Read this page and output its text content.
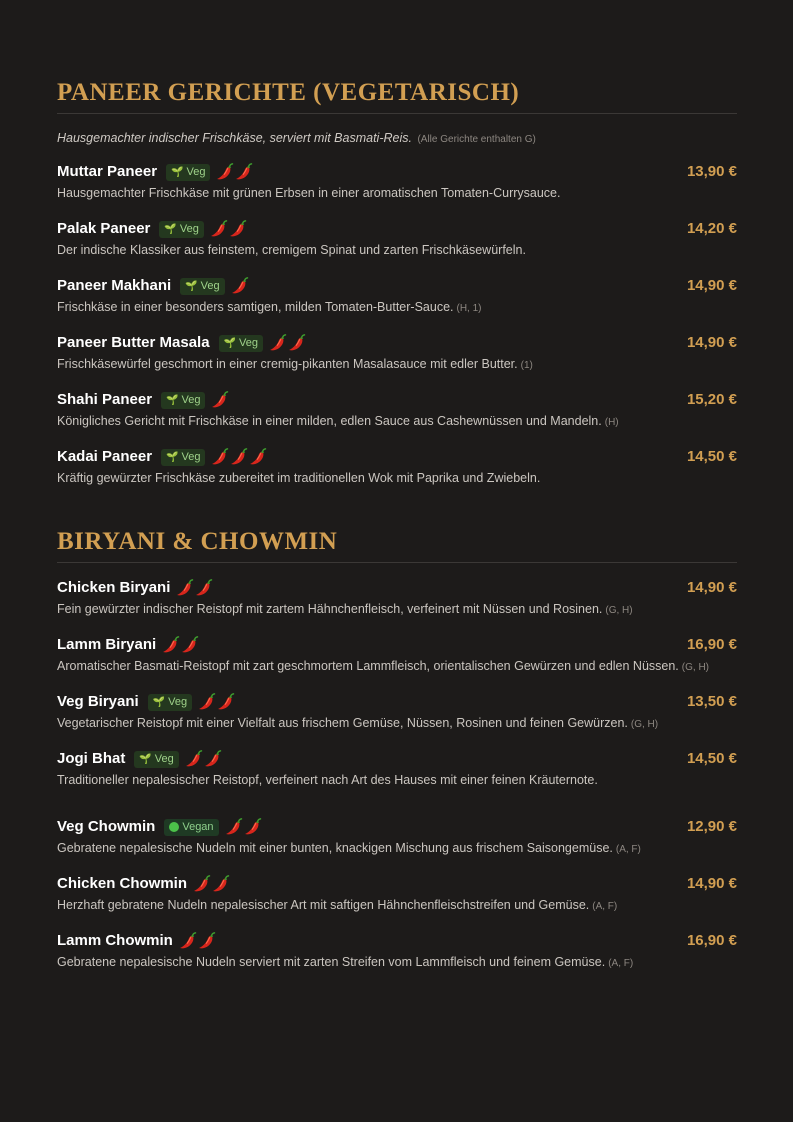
PANEER GERICHTE (VEGETARISCH)
Hausgemachter indischer Frischkäse, serviert mit Basmati-Reis. (Alle Gerichte enthalten G)
Muttar Paneer 🌱 Veg	13,90 €
Hausgemachter Frischkäse mit grünen Erbsen in einer aromatischen Tomaten-Currysauce.
Palak Paneer 🌱 Veg	14,20 €
Der indische Klassiker aus feinstem, cremigem Spinat und zarten Frischkäsewürfeln.
Paneer Makhani 🌱 Veg	14,90 €
Frischkäse in einer besonders samtigen, milden Tomaten-Butter-Sauce. (H, 1)
Paneer Butter Masala 🌱 Veg	14,90 €
Frischkäsewürfel geschmort in einer cremig-pikanten Masalasauce mit edler Butter. (1)
Shahi Paneer 🌱 Veg	15,20 €
Königliches Gericht mit Frischkäse in einer milden, edlen Sauce aus Cashewnüssen und Mandeln. (H)
Kadai Paneer 🌱 Veg	14,50 €
Kräftig gewürzter Frischkäse zubereitet im traditionellen Wok mit Paprika und Zwiebeln.
BIRYANI & CHOWMIN
Chicken Biryani	14,90 €
Fein gewürzter indischer Reistopf mit zartem Hähnchenfleisch, verfeinert mit Nüssen und Rosinen. (G, H)
Lamm Biryani	16,90 €
Aromatischer Basmati-Reistopf mit zart geschmortem Lammfleisch, orientalischen Gewürzen und edlen Nüssen. (G, H)
Veg Biryani 🌱 Veg	13,50 €
Vegetarischer Reistopf mit einer Vielfalt aus frischem Gemüse, Nüssen, Rosinen und feinen Gewürzen. (G, H)
Jogi Bhat 🌱 Veg	14,50 €
Traditioneller nepalesischer Reistopf, verfeinert nach Art des Hauses mit einer feinen Kräuternote.
Veg Chowmin Vegan	12,90 €
Gebratene nepalesische Nudeln mit einer bunten, knackigen Mischung aus frischem Saisongemüse. (A, F)
Chicken Chowmin	14,90 €
Herzhaft gebratene Nudeln nepalesischer Art mit saftigen Hähnchenfleischstreifen und Gemüse. (A, F)
Lamm Chowmin	16,90 €
Gebratene nepalesische Nudeln serviert mit zarten Streifen vom Lammfleisch und feinem Gemüse. (A, F)
